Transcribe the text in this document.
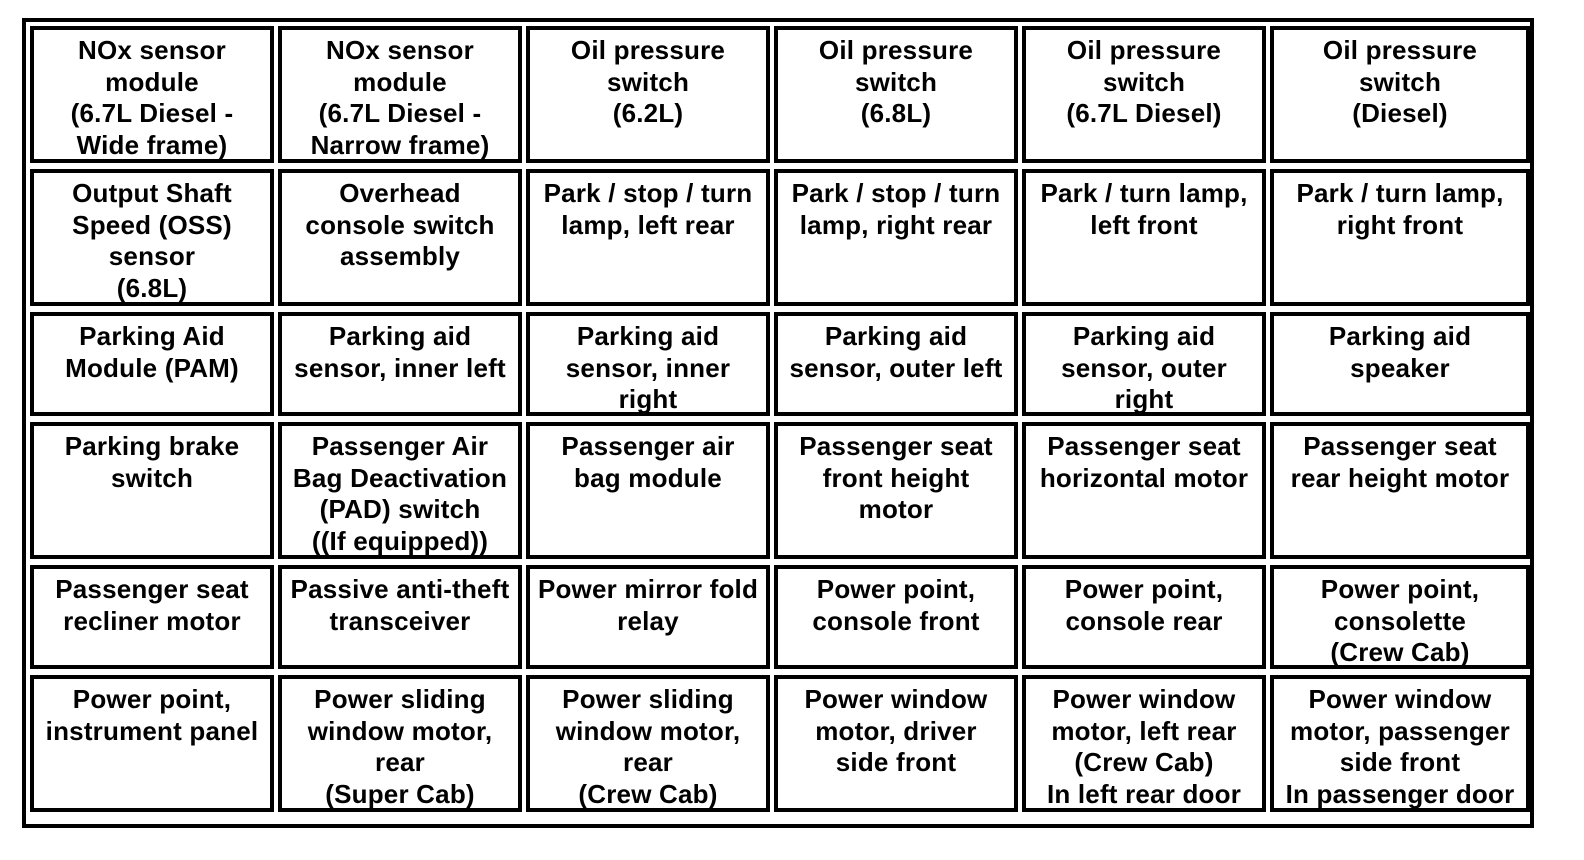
NOx sensor
module
(6.7L Diesel -
Wide frame)
NOx sensor
module
(6.7L Diesel -
Narrow frame)
Oil pressure
switch
(6.2L)
Oil pressure
switch
(6.8L)
Oil pressure
switch
(6.7L Diesel)
Oil pressure
switch
(Diesel)
Output Shaft
Speed (OSS)
sensor
(6.8L)
Overhead
console switch
assembly
Park / stop / turn
lamp, left rear
Park / stop / turn
lamp, right rear
Park / turn lamp,
left front
Park / turn lamp,
right front
Parking Aid
Module (PAM)
Parking aid
sensor, inner left
Parking aid
sensor, inner
right
Parking aid
sensor, outer left
Parking aid
sensor, outer
right
Parking aid
speaker
Parking brake
switch
Passenger Air
Bag Deactivation
(PAD) switch
((If equipped))
Passenger air
bag module
Passenger seat
front height
motor
Passenger seat
horizontal motor
Passenger seat
rear height motor
Passenger seat
recliner motor
Passive anti-theft
transceiver
Power mirror fold
relay
Power point,
console front
Power point,
console rear
Power point,
consolette
(Crew Cab)
Power point,
instrument panel
Power sliding
window motor,
rear
(Super Cab)
Power sliding
window motor,
rear
(Crew Cab)
Power window
motor, driver
side front
Power window
motor, left rear
(Crew Cab)
In left rear door
Power window
motor, passenger
side front
In passenger door
